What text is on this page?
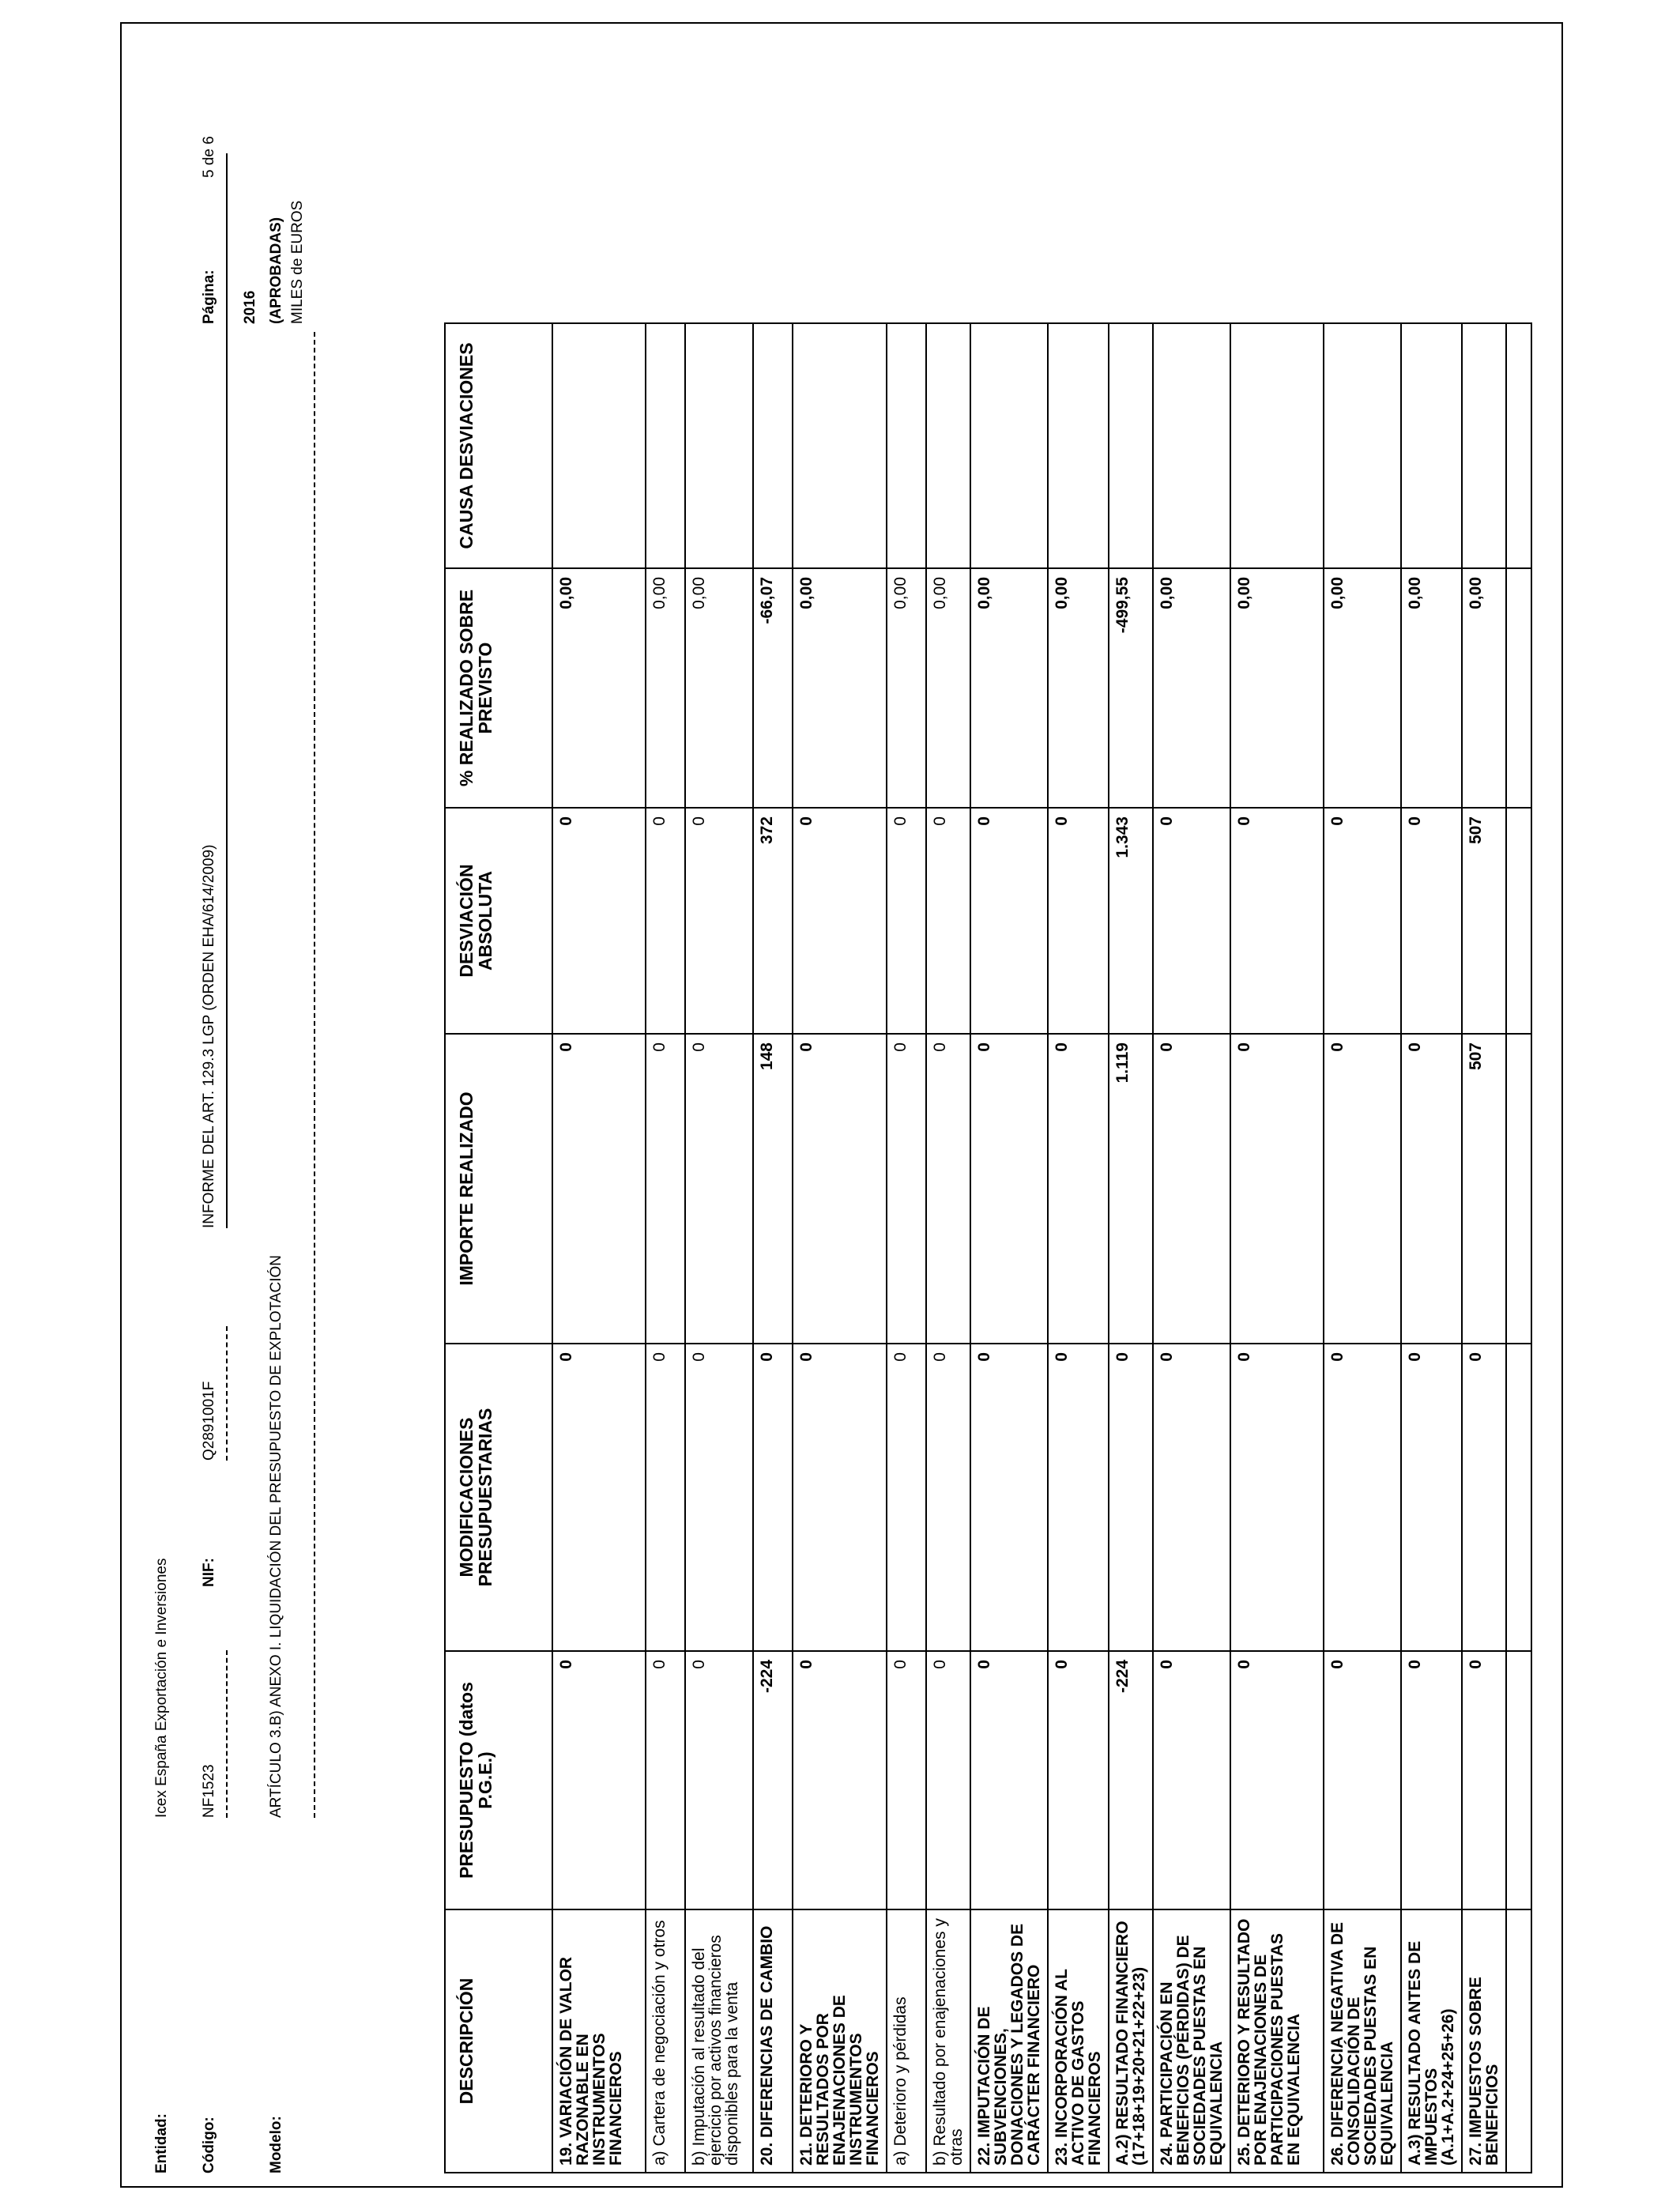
Entidad:
Icex España Exportación e Inversiones
Código:
NF1523
NIF:
Q2891001F
INFORME DEL ART. 129.3 LGP (ORDEN EHA/614/2009)
Página:
5 de 6
2016
Modelo:
ARTÍCULO 3.B) ANEXO I. LIQUIDACIÓN DEL PRESUPUESTO DE EXPLOTACIÓN
(APROBADAS) MILES de EUROS
DESCRIPCIÓN	PRESUPUESTO (datos P.G.E.)	MODIFICACIONES PRESUPUESTARIAS	IMPORTE REALIZADO	DESVIACIÓN ABSOLUTA	% REALIZADO SOBRE PREVISTO	CAUSA DESVIACIONES
19. VARIACIÓN DE VALOR RAZONABLE EN INSTRUMENTOS FINANCIEROS	0	0	0	0	0,00	
a) Cartera de negociación y otros	0	0	0	0	0,00	
b) Imputación al resultado del ejercicio por activos financieros disponibles para la venta	0	0	0	0	0,00	
20. DIFERENCIAS DE CAMBIO	-224	0	148	372	-66,07	
21. DETERIORO Y RESULTADOS POR ENAJENACIONES DE INSTRUMENTOS FINANCIEROS	0	0	0	0	0,00	
a) Deterioro y pérdidas	0	0	0	0	0,00	
b) Resultado por enajenaciones y otras	0	0	0	0	0,00	
22. IMPUTACIÓN DE SUBVENCIONES, DONACIONES Y LEGADOS DE CARÁCTER FINANCIERO	0	0	0	0	0,00	
23. INCORPORACIÓN AL ACTIVO DE GASTOS FINANCIEROS	0	0	0	0	0,00	
A.2) RESULTADO FINANCIERO (17+18+19+20+21+22+23)	-224	0	1.119	1.343	-499,55	
24. PARTICIPACIÓN EN BENEFICIOS (PÉRDIDAS) DE SOCIEDADES PUESTAS EN EQUIVALENCIA	0	0	0	0	0,00	
25. DETERIORO Y RESULTADO POR ENAJENACIONES DE PARTICIPACIONES PUESTAS EN EQUIVALENCIA	0	0	0	0	0,00	
26. DIFERENCIA NEGATIVA DE CONSOLIDACIÓN DE SOCIEDADES PUESTAS EN EQUIVALENCIA	0	0	0	0	0,00	
A.3) RESULTADO ANTES DE IMPUESTOS (A.1+A.2+24+25+26)	0	0	0	0	0,00	
27. IMPUESTOS SOBRE BENEFICIOS	0	0	507	507	0,00	
